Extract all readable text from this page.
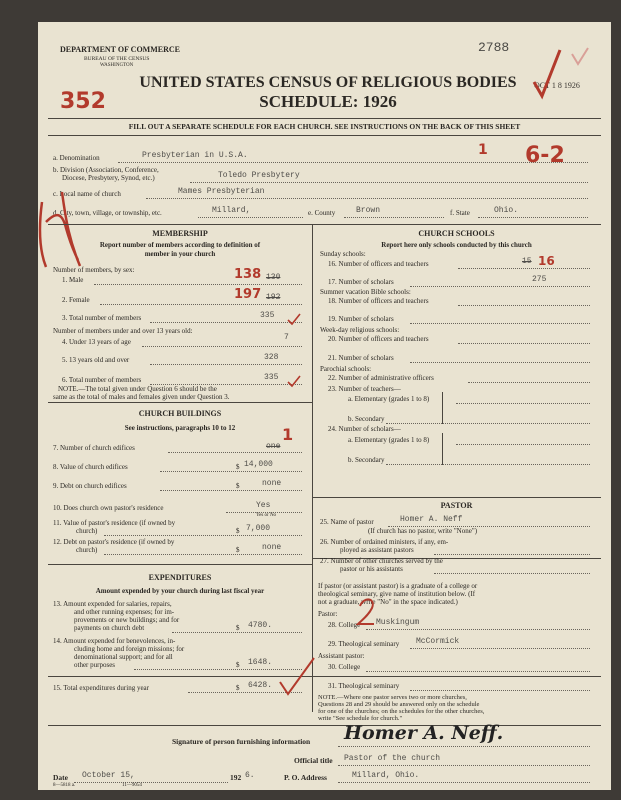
DEPARTMENT OF COMMERCE
BUREAU OF THE CENSUS
WASHINGTON
2788
OCT 1 8 1926
UNITED STATES CENSUS OF RELIGIOUS BODIES
352	SCHEDULE: 1926
FILL OUT A SEPARATE SCHEDULE FOR EACH CHURCH. SEE INSTRUCTIONS ON THE BACK OF THIS SHEET
a. Denomination	Presbyterian in U.S.A.	1 6-2
b. Division (Association, Conference,
Diocese, Presbytery, Synod, etc.)	Toledo Presbytery
c. Local name of church	Mames Presbyterian
d. City, town, village, or township, etc.	Millard,	e. County	Brown	f. State	Ohio.
MEMBERSHIP
Report number of members according to definition of
member in your church
Number of members, by sex:
1. Male	138 130
2. Female	197 192
3. Total number of members	335
Number of members under and over 13 years old:
4. Under 13 years of age	7
5. 13 years old and over	328
6. Total number of members	335
NOTE.—The total given under Question 6 should be the
same as the total of males and females given under Question 3.
CHURCH BUILDINGS
See instructions, paragraphs 10 to 12
7. Number of church edifices	one
1
8. Value of church edifices	$ 14,000
9. Debt on church edifices	$	none
10. Does church own pastor's residence	Yes
Yes or No
11. Value of pastor's residence (if owned by
church)	$ 7,000
12. Debt on pastor's residence (if owned by
church)	$	none
EXPENDITURES
Amount expended by your church during last fiscal year
13. Amount expended for salaries, repairs,
and other running expenses; for im-
provements or new buildings; and for
payments on church debt	$ 4780.
14. Amount expended for benevolences, in-
cluding home and foreign missions; for
denominational support; and for all
other purposes	$ 1648.
15. Total expenditures during year	$ 6428.
CHURCH SCHOOLS
Report here only schools conducted by this church
Sunday schools:
16. Number of officers and teachers	15 16
17. Number of scholars	275
Summer vacation Bible schools:
18. Number of officers and teachers
19. Number of scholars
Week-day religious schools:
20. Number of officers and teachers
21. Number of scholars
Parochial schools:
22. Number of administrative officers
23. Number of teachers—
a. Elementary (grades 1 to 8)
b. Secondary
24. Number of scholars—
a. Elementary (grades 1 to 8)
b. Secondary
PASTOR
25. Name of pastor	Homer A. Neff
(If church has no pastor, write "None")
26. Number of ordained ministers, if any, em-
ployed as assistant pastors
27. Number of other churches served by the
pastor or his assistants
If pastor (or assistant pastor) is a graduate of a college or
theological seminary, give name of institution below. (If
not a graduate, write "No" in the space indicated.)
Pastor:
28. College Muskingum
29. Theological seminary McCormick
Assistant pastor:
30. College
31. Theological seminary
NOTE.—Where one pastor serves two or more churches,
Questions 28 and 29 should be answered only on the schedule
for one of the churches; on the schedules for the other churches,
write "See schedule for church."
Signature of person furnishing information Homer A. Neff.
Official title Pastor of the church
Date October 15,	192 6.	P. O. Address	Millard, Ohio.
8—5818 a.	11—9054
